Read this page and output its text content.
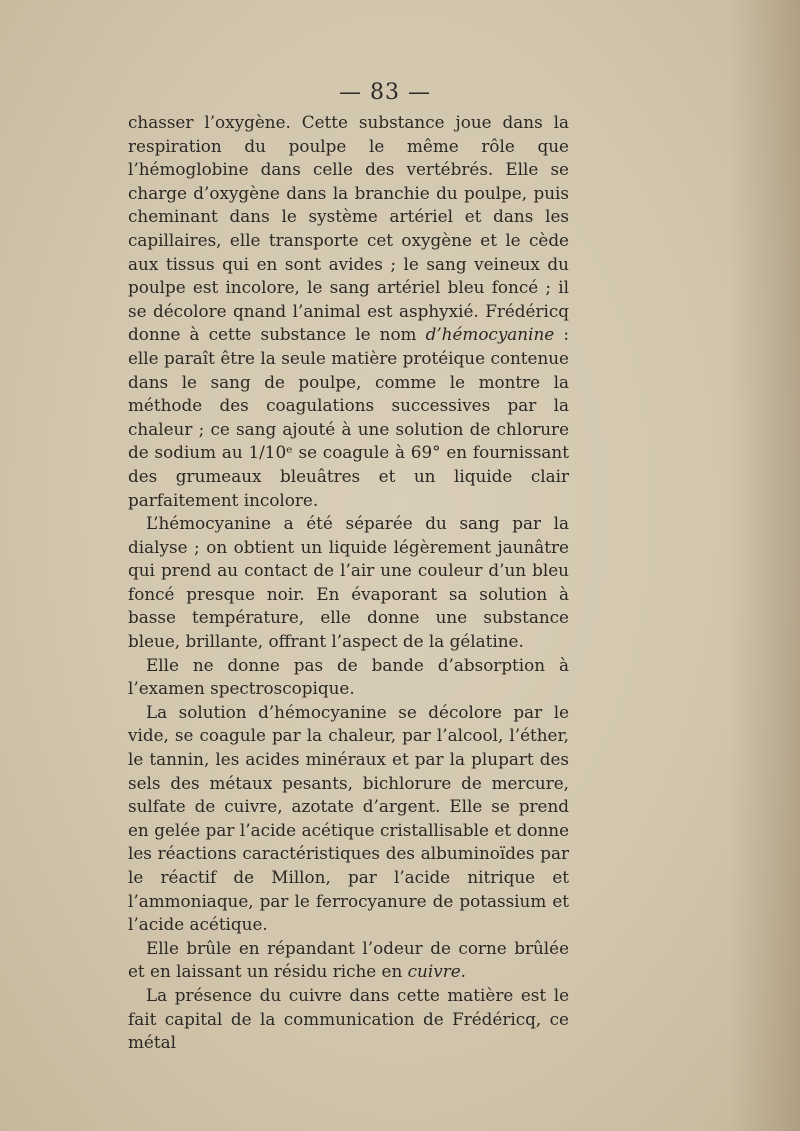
— 83 —

chasser l’oxygène. Cette substance joue dans la respiration du poulpe le même rôle que l’hémoglobine dans celle des vertébrés. Elle se charge d’oxygène dans la branchie du poulpe, puis cheminant dans le système artériel et dans les capillaires, elle transporte cet oxygène et le cède aux tissus qui en sont avides ; le sang veineux du poulpe est incolore, le sang artériel bleu foncé ; il se décolore qnand l’animal est asphyxié. Frédéricq donne à cette substance le nom d’hémocyanine : elle paraît être la seule matière protéique contenue dans le sang de poulpe, comme le montre la méthode des coagulations successives par la chaleur ; ce sang ajouté à une solution de chlorure de sodium au 1/10ᵉ se coagule à 69° en fournissant des grumeaux bleuâtres et un liquide clair parfaitement incolore.

L’hémocyanine a été séparée du sang par la dialyse ; on obtient un liquide légèrement jaunâtre qui prend au contact de l’air une couleur d’un bleu foncé presque noir. En évaporant sa solution à basse température, elle donne une substance bleue, brillante, offrant l’aspect de la gélatine.

Elle ne donne pas de bande d’absorption à l’examen spectroscopique.

La solution d’hémocyanine se décolore par le vide, se coagule par la chaleur, par l’alcool, l’éther, le tannin, les acides minéraux et par la plupart des sels des métaux pesants, bichlorure de mercure, sulfate de cuivre, azotate d’argent. Elle se prend en gelée par l’acide acétique cristallisable et donne les réactions caractéristiques des albuminoïdes par le réactif de Millon, par l’acide nitrique et l’ammoniaque, par le ferrocyanure de potassium et l’acide acétique.

Elle brûle en répandant l’odeur de corne brûlée et en laissant un résidu riche en cuivre.

La présence du cuivre dans cette matière est le fait capital de la communication de Frédéricq, ce métal
